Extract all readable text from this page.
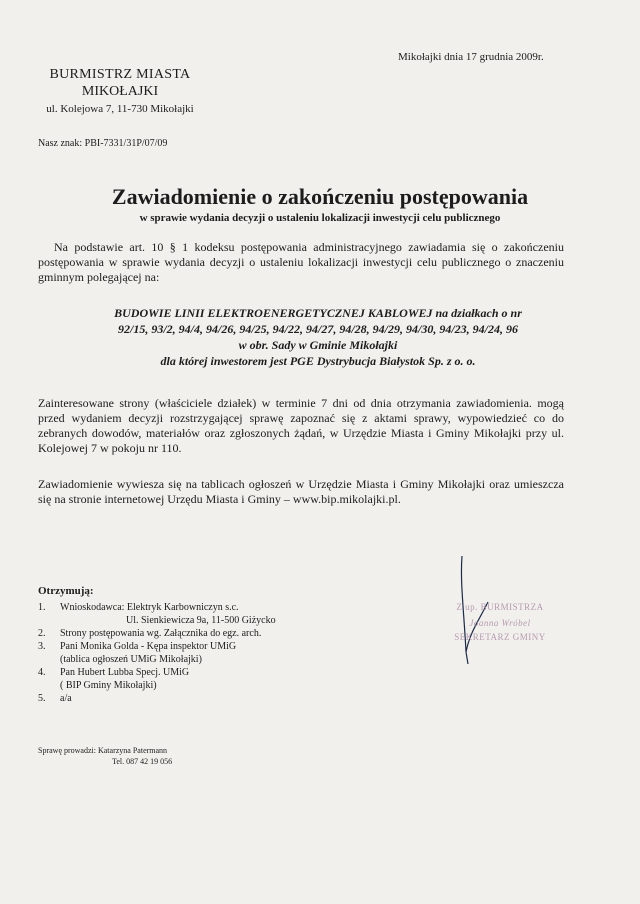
Mikołajki dnia 17 grudnia 2009r.
BURMISTRZ MIASTA
MIKOŁAJKI
ul. Kolejowa 7, 11-730 Mikołajki
Nasz znak: PBI-7331/31P/07/09
Zawiadomienie o zakończeniu postępowania
w sprawie wydania decyzji o ustaleniu lokalizacji inwestycji celu publicznego
Na podstawie art. 10 § 1 kodeksu postępowania administracyjnego zawiadamia się o zakończeniu postępowania w sprawie wydania decyzji o ustaleniu lokalizacji inwestycji celu publicznego o znaczeniu gminnym polegającej na:
BUDOWIE LINII ELEKTROENERGETYCZNEJ KABLOWEJ na działkach o nr
92/15, 93/2, 94/4, 94/26, 94/25, 94/22, 94/27, 94/28, 94/29, 94/30, 94/23, 94/24, 96
w obr. Sady w Gminie Mikołajki
dla której inwestorem jest PGE Dystrybucja Białystok Sp. z o. o.
Zainteresowane strony (właściciele działek) w terminie 7 dni od dnia otrzymania zawiadomienia. mogą przed wydaniem decyzji rozstrzygającej sprawę zapoznać się z aktami sprawy, wypowiedzieć co do zebranych dowodów, materiałów oraz zgłoszonych żądań, w Urzędzie Miasta i Gminy Mikołajki przy ul. Kolejowej 7 w pokoju nr 110.
Zawiadomienie wywiesza się na tablicach ogłoszeń w Urzędzie Miasta i Gminy Mikołajki oraz umieszcza się na stronie internetowej Urzędu Miasta i Gminy – www.bip.mikolajki.pl.
Otrzymują:
1.	Wnioskodawca: Elektryk Karbowniczyn s.c.
Ul. Sienkiewicza 9a, 11-500 Giżycko
2.	Strony postępowania wg. Załącznika do egz. arch.
3.	Pani Monika Golda - Kępa inspektor UMiG
(tablica ogłoszeń UMiG Mikołajki)
4.	Pan Hubert Lubba Specj. UMiG
( BIP Gminy Mikołajki)
5.	a/a
Sprawę prowadzi: Katarzyna Patermann
Tel. 087 42 19 056
Z up. BURMISTRZA
Joanna Wróbel
SEKRETARZ GMINY
